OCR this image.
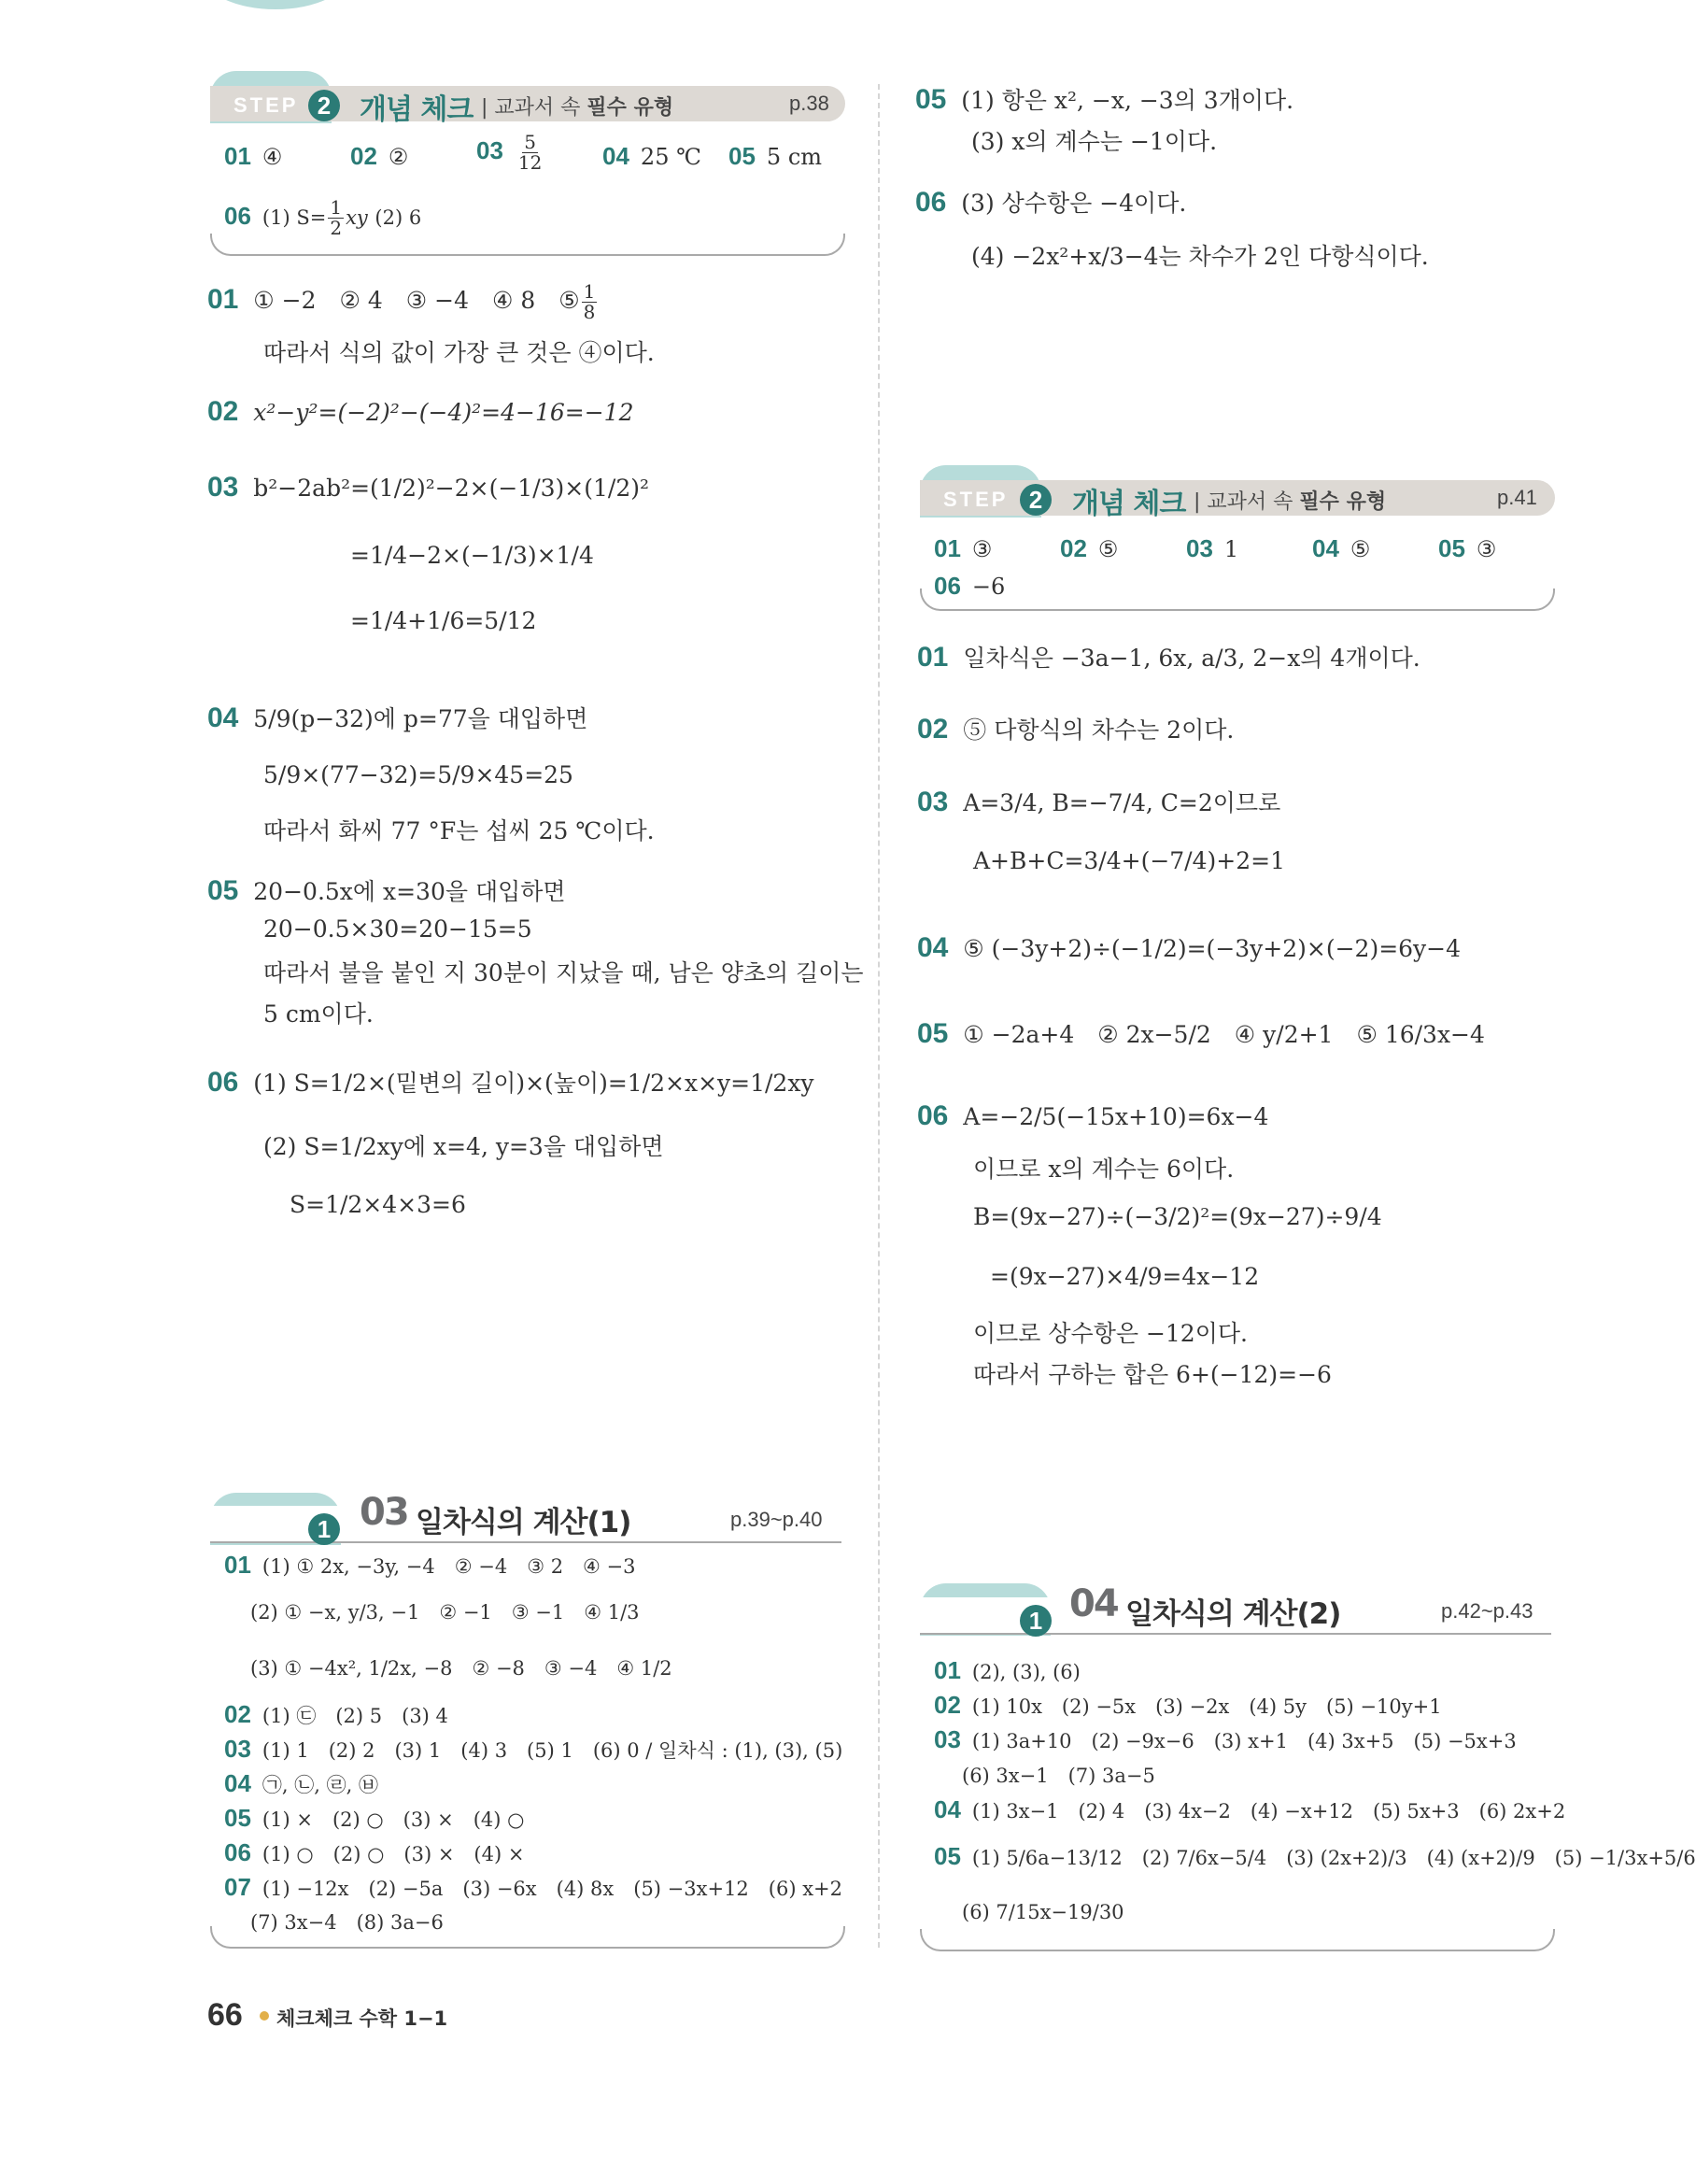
STEP 2	개념 체크 | 교과서 속 필수 유형	p.38
01 ④	02 ②	$03 \frac{5}{12} 04$ 25 ℃ 05 5 cm
06 (1) $S= \frac{1}{2}$ xy (2) 6
01 ① −2　② 4　③ −4　④ 8　⑤ $\frac{1}{8}$
따라서 식의 값이 가장 큰 것은 ④이다.
02 x²−y²=(−2)²−(−4)²=4−16=−12
03 b²−2ab²=(1/2)²−2×(−1/3)×(1/2)²
=1/4−2×(−1/3)×1/4
=1/4+1/6=5/12
04 5/9(p−32)에 p=77을 대입하면
5/9×(77−32)=5/9×45=25
따라서 화씨 77 °F는 섭씨 25 ℃이다.
05 20−0.5x에 x=30을 대입하면
20−0.5×30=20−15=5
따라서 불을 붙인 지 30분이 지났을 때, 남은 양초의 길이는
5 cm이다.
06 (1) S=1/2×(밑변의 길이)×(높이)=1/2×x×y=1/2xy
(2) S=1/2xy에 x=4, y=3을 대입하면
S=1/2×4×3=6
05 (1) 항은 x², −x, −3의 3개이다.
(3) x의 계수는 −1이다.
06 (3) 상수항은 −4이다.
(4) −2x²+x/3−4는 차수가 2인 다항식이다.
STEP 2	개념 체크 | 교과서 속 필수 유형	p.41
01 ③	02 ⑤	03 1	04 ⑤	05 ③
06 −6
01 일차식은 −3a−1, 6x, a/3, 2−x의 4개이다.
02 ⑤ 다항식의 차수는 2이다.
03 A=3/4, B=−7/4, C=2이므로
A+B+C=3/4+(−7/4)+2=1
04 ⑤ (−3y+2)÷(−1/2)=(−3y+2)×(−2)=6y−4
05 ① −2a+4　② 2x−5/2　④ y/2+1　⑤ 16/3x−4
06 A=−2/5(−15x+10)=6x−4
이므로 x의 계수는 6이다.
B=(9x−27)÷(−3/2)²=(9x−27)÷9/4
=(9x−27)×4/9=4x−12
이므로 상수항은 −12이다.
따라서 구하는 합은 6+(−12)=−6
STEP 1 03 일차식의 계산(1)	p.39~p.40
01 (1) ① 2x, −3y, −4　② −4　③ 2　④ −3
(2) ① −x, y/3, −1　② −1　③ −1　④ 1/3
(3) ① −4x², 1/2x, −8　② −8　③ −4　④ 1/2
02 (1) ㉢　(2) 5　(3) 4
03 (1) 1　(2) 2　(3) 1　(4) 3　(5) 1　(6) 0 / 일차식 : (1), (3), (5)
04 ㉠, ㉡, ㉣, ㉥
05 (1) ×　(2) ○　(3) ×　(4) ○
06 (1) ○　(2) ○　(3) ×　(4) ×
07 (1) −12x　(2) −5a　(3) −6x　(4) 8x　(5) −3x+12　(6) x+2
(7) 3x−4　(8) 3a−6
STEP 1 04 일차식의 계산(2)	p.42~p.43
01 (2), (3), (6)
02 (1) 10x　(2) −5x　(3) −2x　(4) 5y　(5) −10y+1
03 (1) 3a+10　(2) −9x−6　(3) x+1　(4) 3x+5　(5) −5x+3
(6) 3x−1　(7) 3a−5
04 (1) 3x−1　(2) 4　(3) 4x−2　(4) −x+12　(5) 5x+3　(6) 2x+2
05 (1) 5/6a−13/12　(2) 7/6x−5/4　(3) (2x+2)/3　(4) (x+2)/9　(5) −1/3x+5/6
(6) 7/15x−19/30
66 체크체크 수학 1−1
